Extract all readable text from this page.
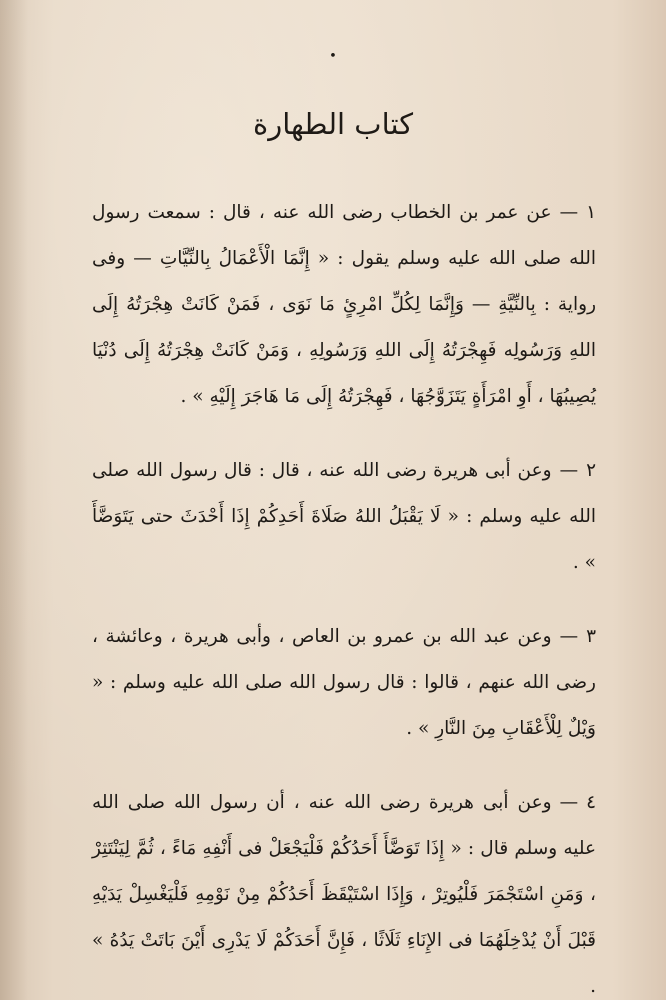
•
كتاب الطهارة

١—عن عمر بن الخطاب رضى الله عنه ، قال : سمعت رسول الله صلى الله عليه وسلم يقول : « إِنَّمَا الْأَعْمَالُ بِالنِّيَّاتِ — وفى رواية : بِالنِّيَّةِ — وَإِنَّمَا لِكُلِّ امْرِئٍ مَا نَوَى ، فَمَنْ كَانَتْ هِجْرَتُهُ إِلَى اللهِ وَرَسُولِه فَهِجْرَتُهُ إِلَى اللهِ وَرَسُولِهِ ، وَمَنْ كَانَتْ هِجْرَتُهُ إِلَى دُنْيَا يُصِيبُهَا ، أَوِ امْرَأَةٍ يَتَزَوَّجُهَا ، فَهِجْرَتُهُ إِلَى مَا هَاجَرَ إِلَيْهِ » .

٢—وعن أبى هريرة رضى الله عنه ، قال : قال رسول الله صلى الله عليه وسلم : « لَا يَقْبَلُ اللهُ صَلَاةَ أَحَدِكُمْ إِذَا أَحْدَثَ حتى يَتَوَضَّأَ » .

٣—وعن عبد الله بن عمرو بن العاص ، وأبى هريرة ، وعائشة ، رضى الله عنهم ، قالوا : قال رسول الله صلى الله عليه وسلم : « وَيْلٌ لِلْأَعْقَابِ مِنَ النَّارِ » .

٤—وعن أبى هريرة رضى الله عنه ، أن رسول الله صلى الله عليه وسلم قال : « إِذَا تَوَضَّأَ أَحَدُكُمْ فَلْيَجْعَلْ فى أَنْفِهِ مَاءً ، ثُمَّ لِيَنْتَثِرْ ، وَمَنِ اسْتَجْمَرَ فَلْيُوتِرْ ، وَإِذَا اسْتَيْقَظَ أَحَدُكُمْ مِنْ نَوْمِهِ فَلْيَغْسِلْ يَدَيْهِ قَبْلَ أَنْ يُدْخِلَهُمَا فى الإِنَاءِ ثَلَاثًا ، فَإِنَّ أَحَدَكُمْ لَا يَدْرِى أَيْنَ بَاتَتْ يَدُهُ » .
